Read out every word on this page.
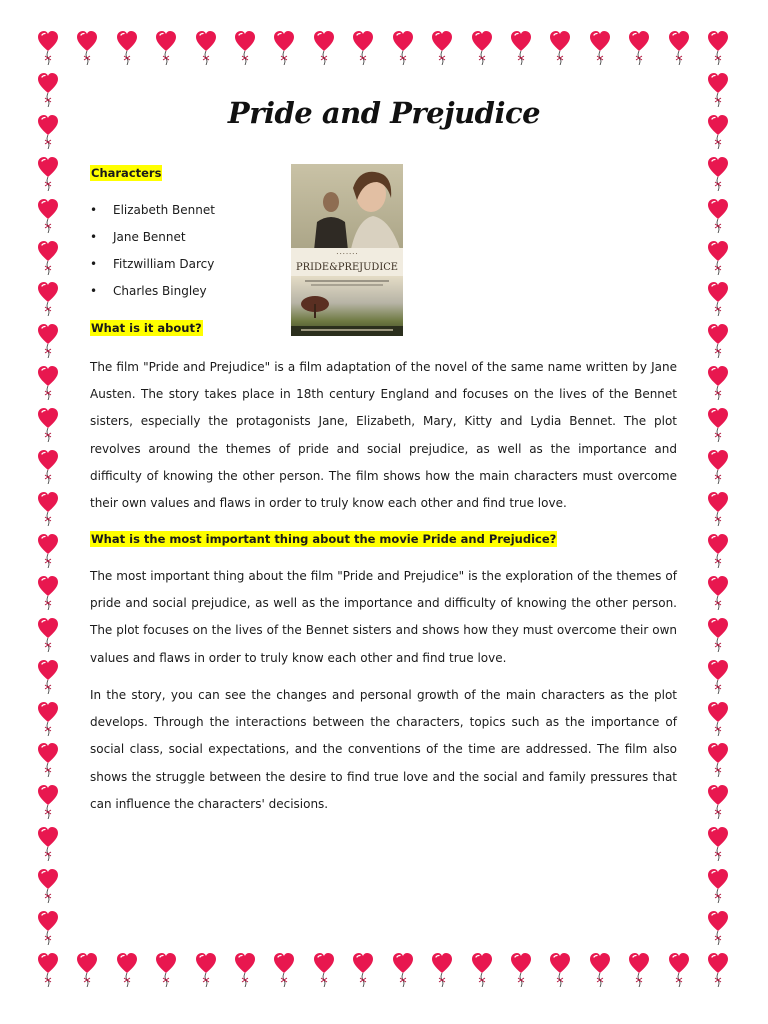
Pride and Prejudice

Characters

• Elizabeth Bennet
• Jane Bennet
• Fitzwilliam Darcy
• Charles Bingley

What is it about?

• • • • • • •
PRIDE&PREJUDICE

The film "Pride and Prejudice" is a film adaptation of the novel of the same name written by Jane Austen. The story takes place in 18th century England and focuses on the lives of the Bennet sisters, especially the protagonists Jane, Elizabeth, Mary, Kitty and Lydia Bennet. The plot revolves around the themes of pride and social prejudice, as well as the importance and difficulty of knowing the other person. The film shows how the main characters must overcome their own values and flaws in order to truly know each other and find true love.

What is the most important thing about the movie Pride and Prejudice?

The most important thing about the film "Pride and Prejudice" is the exploration of the themes of pride and social prejudice, as well as the importance and difficulty of knowing the other person. The plot focuses on the lives of the Bennet sisters and shows how they must overcome their own values and flaws in order to truly know each other and find true love.

In the story, you can see the changes and personal growth of the main characters as the plot develops. Through the interactions between the characters, topics such as the importance of social class, social expectations, and the conventions of the time are addressed. The film also shows the struggle between the desire to find true love and the social and family pressures that can influence the characters' decisions.
